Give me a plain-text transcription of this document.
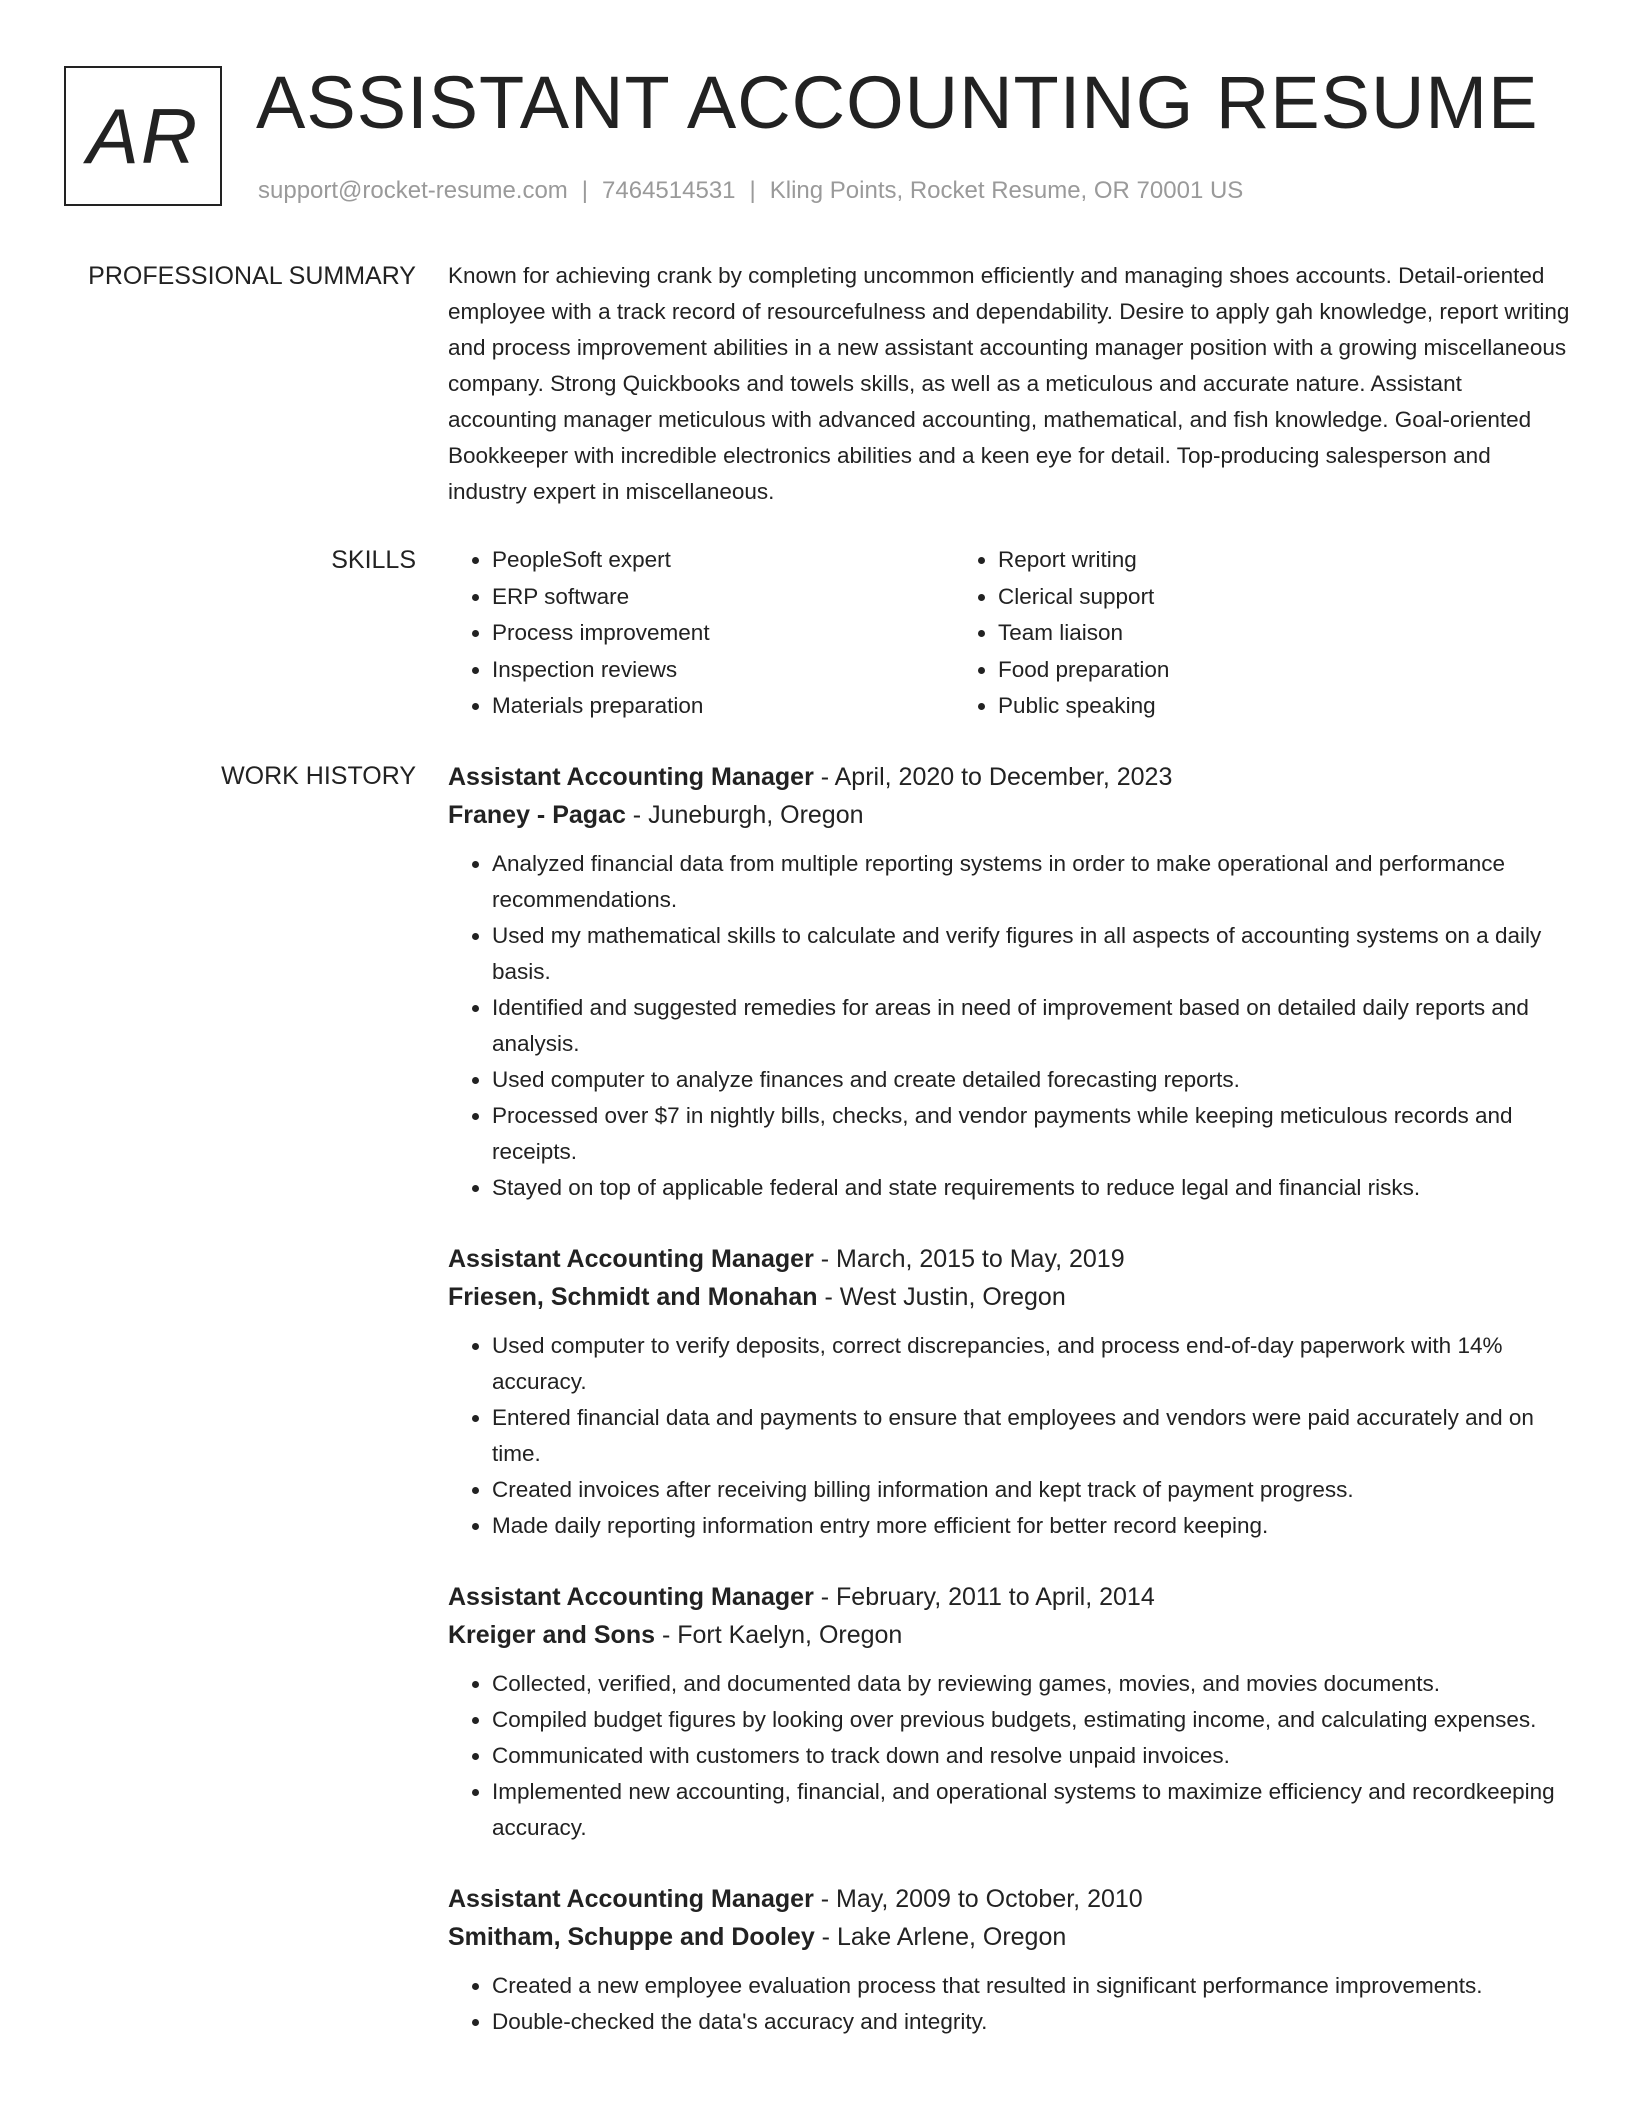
AR ASSISTANT ACCOUNTING RESUME
support@rocket-resume.com | 7464514531 | Kling Points, Rocket Resume, OR 70001 US
PROFESSIONAL SUMMARY Known for achieving crank by completing uncommon efficiently and managing shoes accounts. Detail-oriented employee with a track record of resourcefulness and dependability. Desire to apply gah knowledge, report writing and process improvement abilities in a new assistant accounting manager position with a growing miscellaneous company. Strong Quickbooks and towels skills, as well as a meticulous and accurate nature. Assistant accounting manager meticulous with advanced accounting, mathematical, and fish knowledge. Goal-oriented Bookkeeper with incredible electronics abilities and a keen eye for detail. Top-producing salesperson and industry expert in miscellaneous.

SKILLS
•	PeopleSoft expert
• ERP software
• Process improvement
• Inspection reviews
• Materials preparation
• Report writing
• Clerical support
• Team liaison
• Food preparation
• Public speaking
WORK HISTORY Assistant Accounting Manager - April, 2020 to December, 2023
Franey - Pagac - Juneburgh, Oregon
• Analyzed financial data from multiple reporting systems in order to make operational and performance recommendations.
• Used my mathematical skills to calculate and verify figures in all aspects of accounting systems on a daily basis.
• Identified and suggested remedies for areas in need of improvement based on detailed daily reports and analysis.
• Used computer to analyze finances and create detailed forecasting reports.
• Processed over $7 in nightly bills, checks, and vendor payments while keeping meticulous records and receipts.
• Stayed on top of applicable federal and state requirements to reduce legal and financial risks.
Assistant Accounting Manager - March, 2015 to May, 2019
Friesen, Schmidt and Monahan - West Justin, Oregon
• Used computer to verify deposits, correct discrepancies, and process end-of-day paperwork with 14% accuracy.
• Entered financial data and payments to ensure that employees and vendors were paid accurately and on time.
• Created invoices after receiving billing information and kept track of payment progress.
• Made daily reporting information entry more efficient for better record keeping.
Assistant Accounting Manager - February, 2011 to April, 2014
Kreiger and Sons - Fort Kaelyn, Oregon
• Collected, verified, and documented data by reviewing games, movies, and movies documents.
• Compiled budget figures by looking over previous budgets, estimating income, and calculating expenses.
• Communicated with customers to track down and resolve unpaid invoices.
• Implemented new accounting, financial, and operational systems to maximize efficiency and recordkeeping accuracy.
Assistant Accounting Manager - May, 2009 to October, 2010
Smitham, Schuppe and Dooley - Lake Arlene, Oregon
• Created a new employee evaluation process that resulted in significant performance improvements.
• Double-checked the data's accuracy and integrity.
